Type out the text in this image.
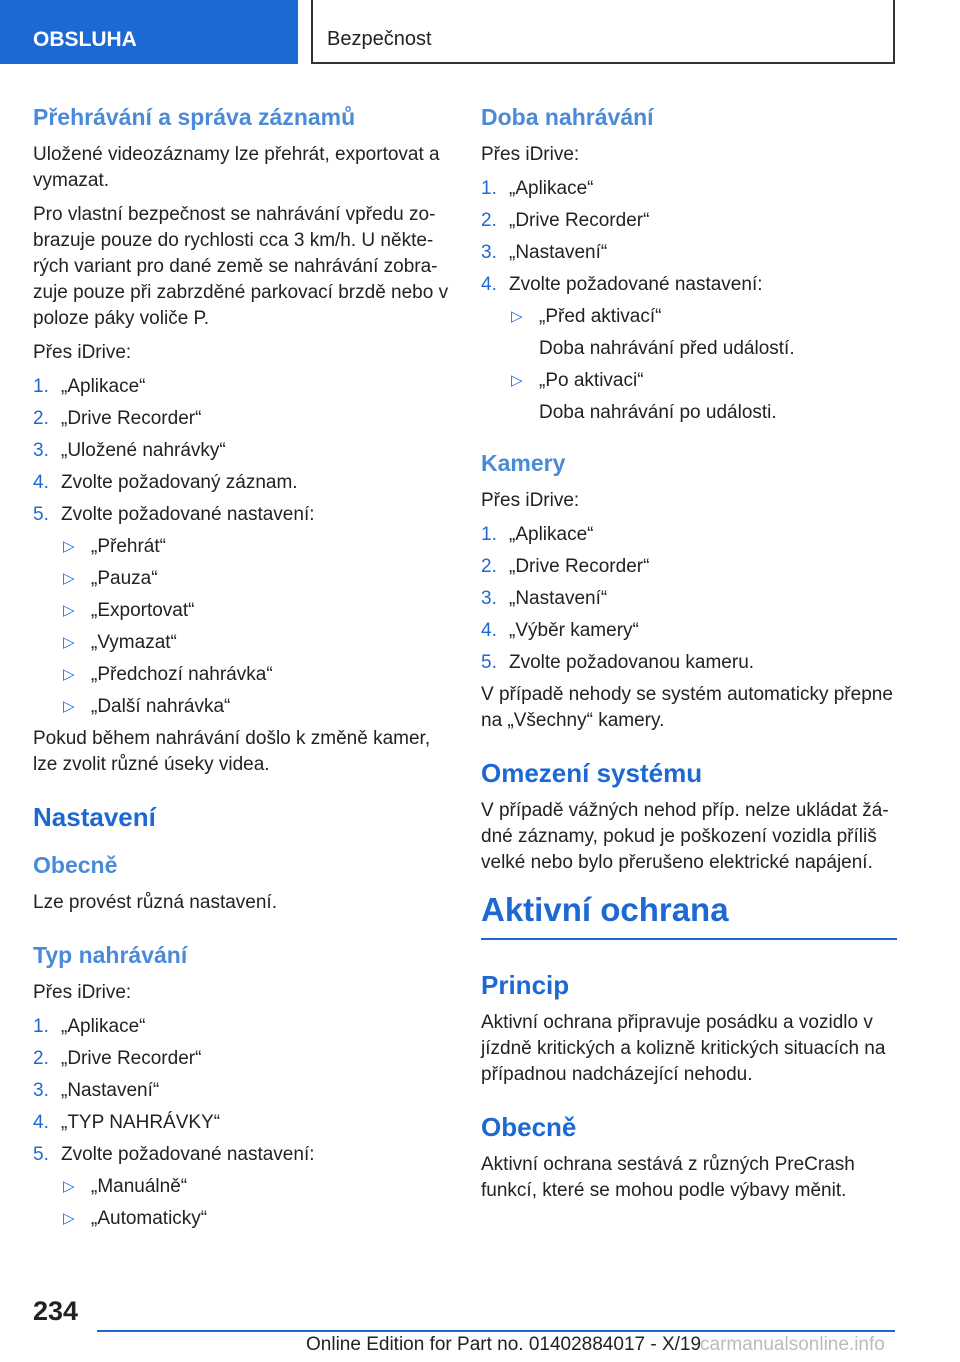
OBSLUHA	Bezpečnost
Přehrávání a správa záznamů

Uložené videozáznamy lze přehrát, exportovat a vymazat.

Pro vlastní bezpečnost se nahrávání vpředu zo- brazuje pouze do rychlosti cca 3 km/h. U někte- rých variant pro dané země se nahrávání zobra- zuje pouze při zabrzděné parkovací brzdě nebo v poloze páky voliče P.

Přes iDrive:

1. „Aplikace“
2. „Drive Recorder“
3. „Uložené nahrávky“
4. Zvolte požadovaný záznam.
5. Zvolte požadované nastavení:
▷ „Přehrát“
▷ „Pauza“
▷ „Exportovat“
▷ „Vymazat“
▷ „Předchozí nahrávka“
▷ „Další nahrávka“

Pokud během nahrávání došlo k změně kamer, lze zvolit různé úseky videa.

Nastavení
Obecně

Lze provést různá nastavení.

Typ nahrávání

Přes iDrive:

1. „Aplikace“
2. „Drive Recorder“
3. „Nastavení“
4. „TYP NAHRÁVKY“
5. Zvolte požadované nastavení:
▷ „Manuálně“
▷ „Automaticky“
Doba nahrávání

Přes iDrive:

1. „Aplikace“
2. „Drive Recorder“
3. „Nastavení“
4. Zvolte požadované nastavení:
▷ „Před aktivací“
Doba nahrávání před událostí.
▷ „Po aktivaci“
Doba nahrávání po události.
Kamery

Přes iDrive:

1. „Aplikace“
2. „Drive Recorder“
3. „Nastavení“
4. „Výběr kamery“
5. Zvolte požadovanou kameru.

V případě nehody se systém automaticky přepne na „Všechny“ kamery.

Omezení systému

V případě vážných nehod příp. nelze ukládat žá- dné záznamy, pokud je poškození vozidla příliš velké nebo bylo přerušeno elektrické napájení.

Aktivní ochrana
Princip

Aktivní ochrana připravuje posádku a vozidlo v jízdně kritických a kolizně kritických situacích na případnou nadcházející nehodu.

Obecně

Aktivní ochrana sestává z různých PreCrash funkcí, které se mohou podle výbavy měnit.

234
Online Edition for Part no. 01402884017 - X/19
carmanualsonline.info
